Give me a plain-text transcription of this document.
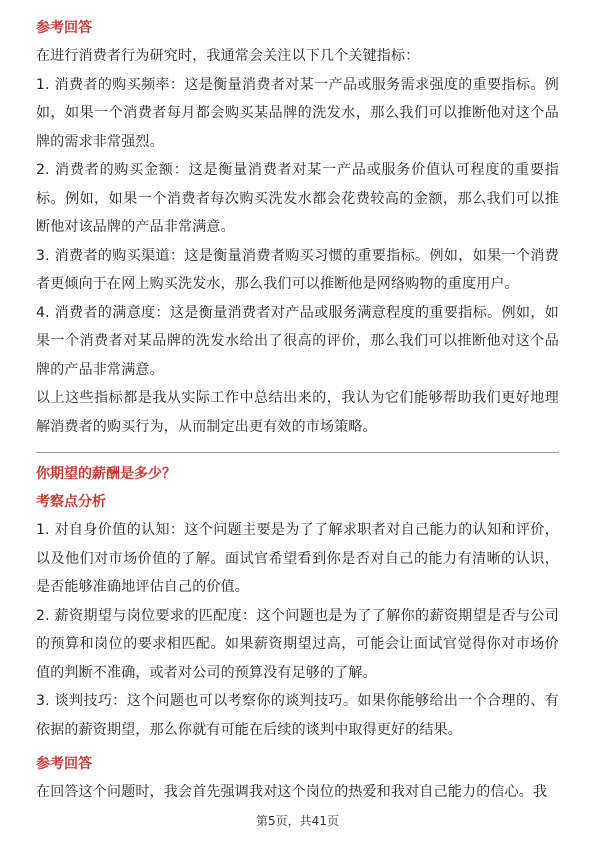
参考回答

在进行消费者行为研究时，我通常会关注以下几个关键指标：

1. 消费者的购买频率：这是衡量消费者对某一产品或服务需求强度的重要指标。例如，如果一个消费者每月都会购买某品牌的洗发水，那么我们可以推断他对这个品牌的需求非常强烈。

2. 消费者的购买金额：这是衡量消费者对某一产品或服务价值认可程度的重要指标。例如，如果一个消费者每次购买洗发水都会花费较高的金额，那么我们可以推断他对该品牌的产品非常满意。

3. 消费者的购买渠道：这是衡量消费者购买习惯的重要指标。例如，如果一个消费者更倾向于在网上购买洗发水，那么我们可以推断他是网络购物的重度用户。

4. 消费者的满意度：这是衡量消费者对产品或服务满意程度的重要指标。例如，如果一个消费者对某品牌的洗发水给出了很高的评价，那么我们可以推断他对这个品牌的产品非常满意。

以上这些指标都是我从实际工作中总结出来的，我认为它们能够帮助我们更好地理解消费者的购买行为，从而制定出更有效的市场策略。

你期望的薪酬是多少？

考察点分析

1. 对自身价值的认知：这个问题主要是为了了解求职者对自己能力的认知和评价，以及他们对市场价值的了解。面试官希望看到你是否对自己的能力有清晰的认识，是否能够准确地评估自己的价值。

2. 薪资期望与岗位要求的匹配度：这个问题也是为了了解你的薪资期望是否与公司的预算和岗位的要求相匹配。如果薪资期望过高，可能会让面试官觉得你对市场价值的判断不准确，或者对公司的预算没有足够的了解。

3. 谈判技巧：这个问题也可以考察你的谈判技巧。如果你能够给出一个合理的、有依据的薪资期望，那么你就有可能在后续的谈判中取得更好的结果。

参考回答

在回答这个问题时，我会首先强调我对这个岗位的热爱和我对自己能力的信心。我

第5页，共41页
